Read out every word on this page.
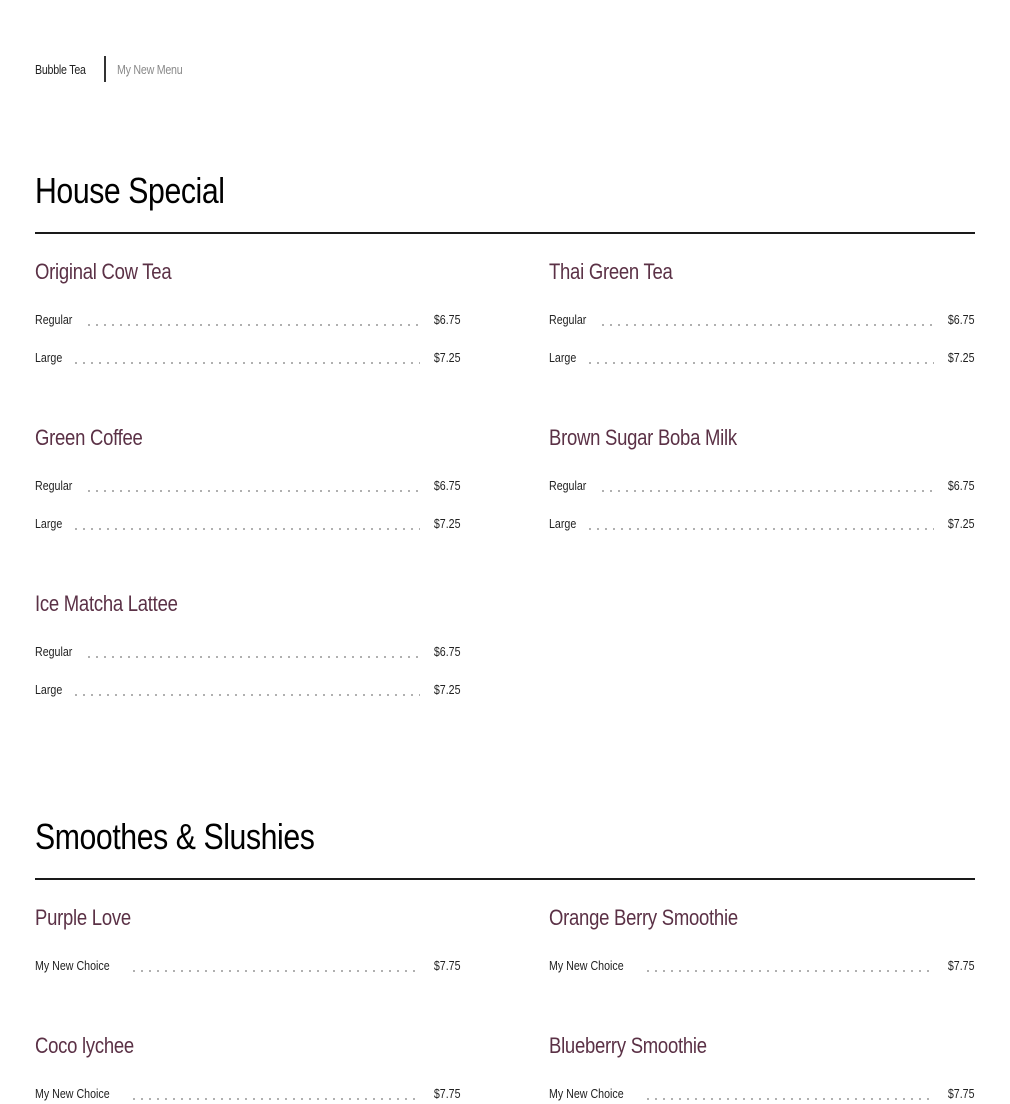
Bubble Tea My New Menu
House Special
Original Cow Tea
Regular	$6.75
Large	$7.25
Thai Green Tea
Regular	$6.75
Large	$7.25
Green Coffee
Regular	$6.75
Large	$7.25
Brown Sugar Boba Milk
Regular	$6.75
Large	$7.25
Ice Matcha Lattee
Regular	$6.75
Large	$7.25
Smoothes & Slushies
Purple Love
My New Choice	$7.75
Orange Berry Smoothie
My New Choice	$7.75
Coco lychee
My New Choice	$7.75
Blueberry Smoothie
My New Choice	$7.75
